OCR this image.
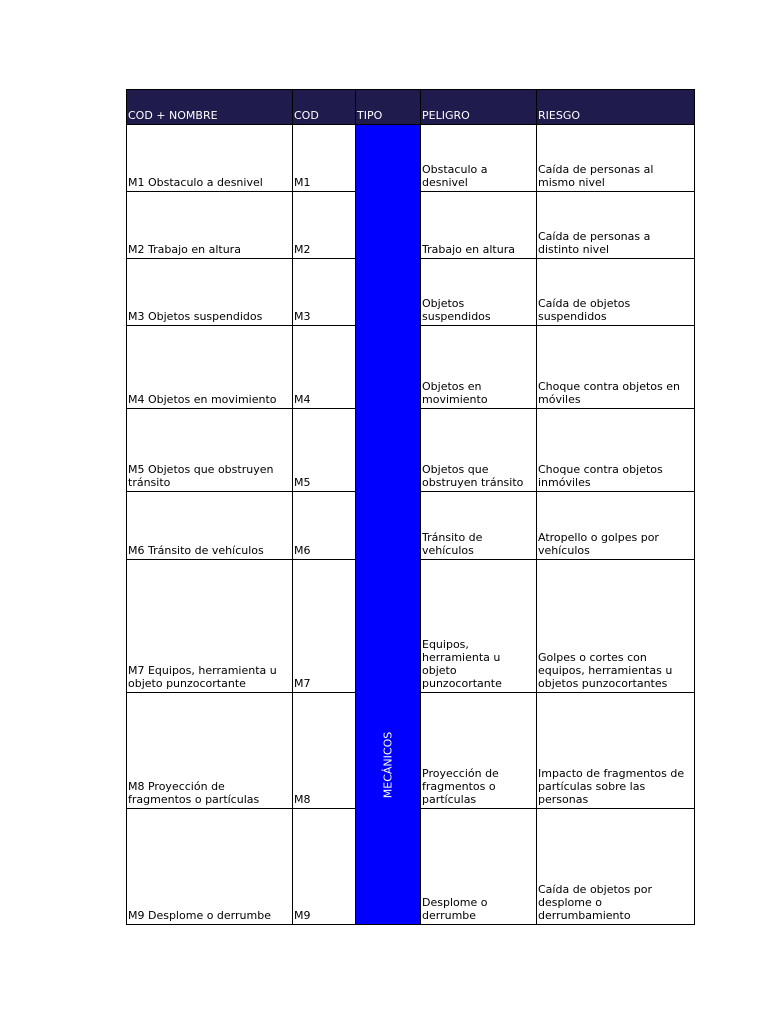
COD + NOMBRE	COD	TIPO	PELIGRO	RIESGO
M1 Obstaculo a desnivel	M1	MECÁNICOS	Obstaculo a desnivel	Caída de personas al mismo nivel
M2 Trabajo en altura	M2		Trabajo en altura	Caída de personas a distinto nivel
M3 Objetos suspendidos	M3		Objetos suspendidos	Caída de objetos suspendidos
M4 Objetos en movimiento	M4		Objetos en movimiento	Choque contra objetos en móviles
M5 Objetos que obstruyen tránsito	M5		Objetos que obstruyen tránsito	Choque contra objetos inmóviles
M6 Tránsito de vehículos	M6		Tránsito de vehículos	Atropello o golpes por vehículos
M7 Equipos, herramienta u objeto punzocortante	M7		Equipos, herramienta u objeto punzocortante	Golpes o cortes con equipos, herramientas u objetos punzocortantes
M8 Proyección de fragmentos o partículas	M8		Proyección de fragmentos o partículas	Impacto de fragmentos de partículas sobre las personas
M9 Desplome o derrumbe	M9		Desplome o derrumbe	Caída de objetos por desplome o derrumbamiento
